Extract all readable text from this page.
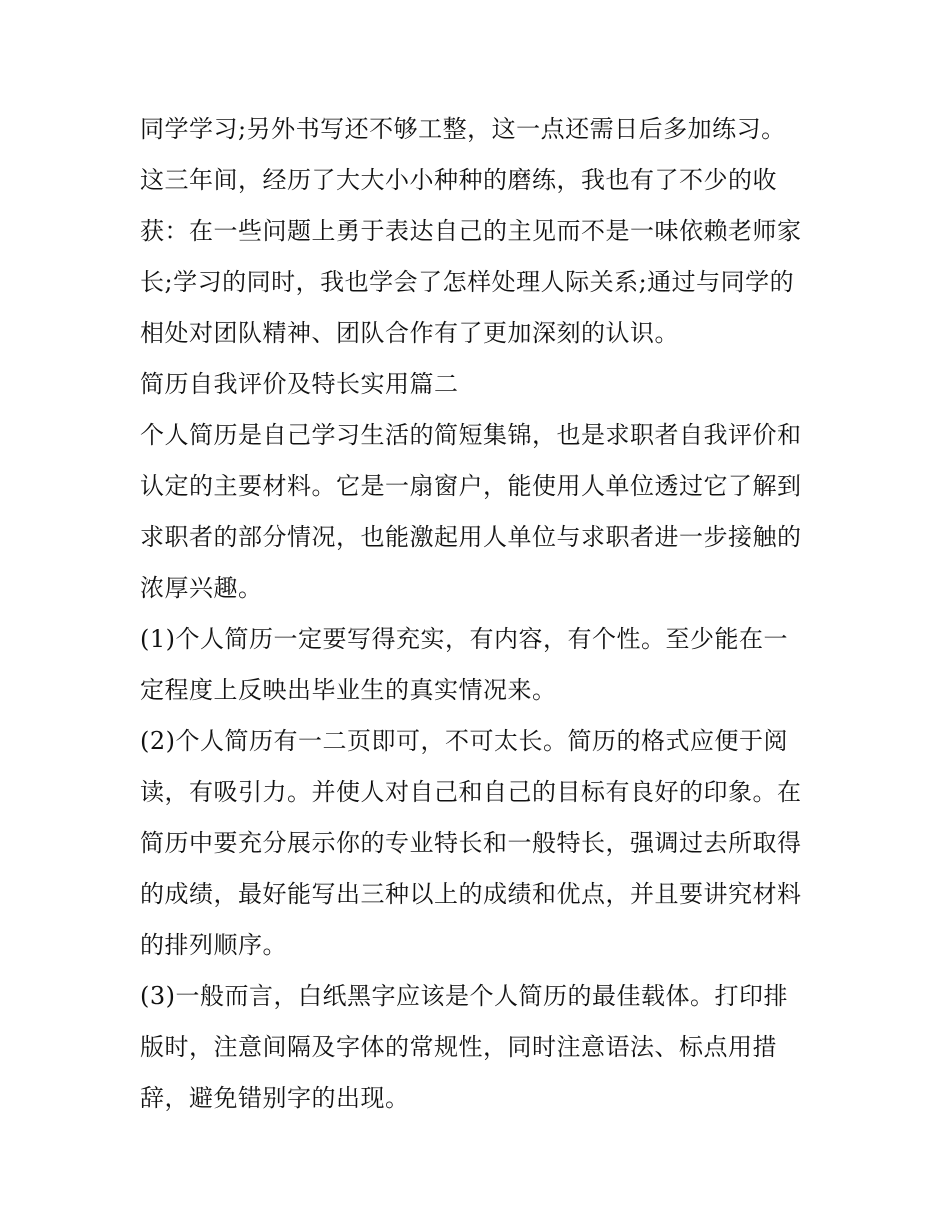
同学学习;另外书写还不够工整，这一点还需日后多加练习。
这三年间，经历了大大小小种种的磨练，我也有了不少的收
获：在一些问题上勇于表达自己的主见而不是一味依赖老师家
长;学习的同时，我也学会了怎样处理人际关系;通过与同学的
相处对团队精神、团队合作有了更加深刻的认识。
简历自我评价及特长实用篇二
个人简历是自己学习生活的简短集锦，也是求职者自我评价和
认定的主要材料。它是一扇窗户，能使用人单位透过它了解到
求职者的部分情况，也能激起用人单位与求职者进一步接触的
浓厚兴趣。
(1)个人简历一定要写得充实，有内容，有个性。至少能在一
定程度上反映出毕业生的真实情况来。
(2)个人简历有一二页即可，不可太长。简历的格式应便于阅
读，有吸引力。并使人对自己和自己的目标有良好的印象。在
简历中要充分展示你的专业特长和一般特长，强调过去所取得
的成绩，最好能写出三种以上的成绩和优点，并且要讲究材料
的排列顺序。
(3)一般而言，白纸黑字应该是个人简历的最佳载体。打印排
版时，注意间隔及字体的常规性，同时注意语法、标点用措
辞，避免错别字的出现。
